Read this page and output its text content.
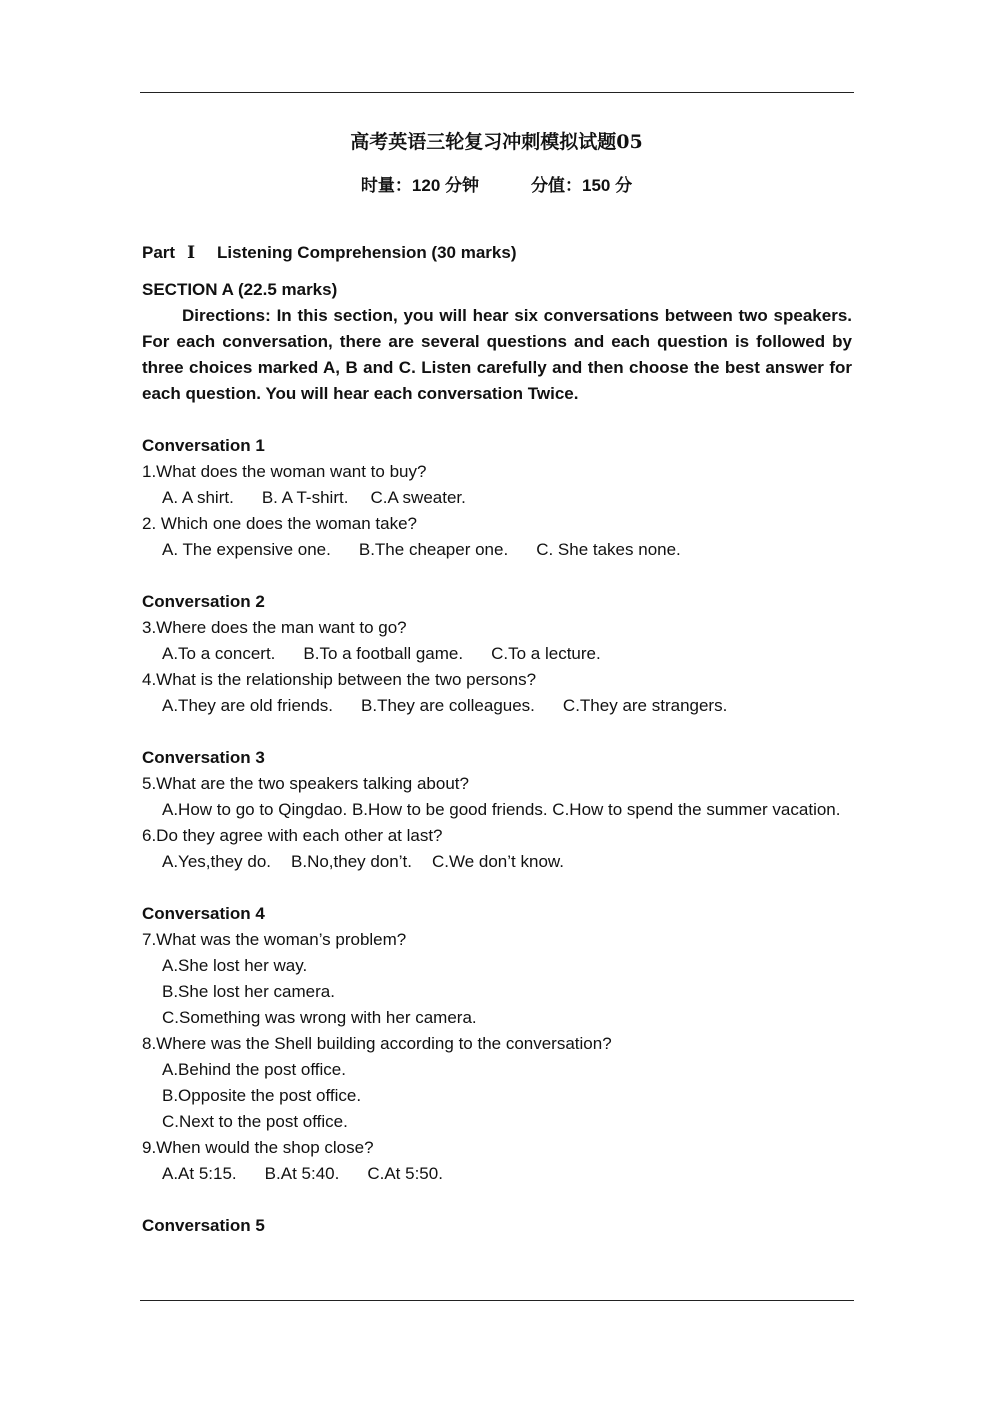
高考英语三轮复习冲刺模拟试题05
时量：120 分钟	分值：150 分
Part Ⅰ Listening Comprehension (30 marks)
SECTION A (22.5 marks)

Directions: In this section, you will hear six conversations between two speakers. For each conversation, there are several questions and each question is followed by three choices marked A, B and C. Listen carefully and then choose the best answer for each question. You will hear each conversation Twice.

Conversation 1
1.What does the woman want to buy?
A. A shirt. B. A T-shirt. C.A sweater.
2. Which one does the woman take?
A. The expensive one. B.The cheaper one. C. She takes none.
Conversation 2
3.Where does the man want to go?
A.To a concert. B.To a football game. C.To a lecture.
4.What is the relationship between the two persons?
A.They are old friends. B.They are colleagues. C.They are strangers.
Conversation 3
5.What are the two speakers talking about?

A.How to go to Qingdao. B.How to be good friends. C.How to spend the summer vacation.

6.Do they agree with each other at last?
A.Yes,they do. B.No,they don’t. C.We don’t know.
Conversation 4
7.What was the woman’s problem?
A.She lost her way.
B.She lost her camera.
C.Something was wrong with her camera.
8.Where was the Shell building according to the conversation?
A.Behind the post office.
B.Opposite the post office.
C.Next to the post office.
9.When would the shop close?
A.At 5:15. B.At 5:40. C.At 5:50.
Conversation 5
